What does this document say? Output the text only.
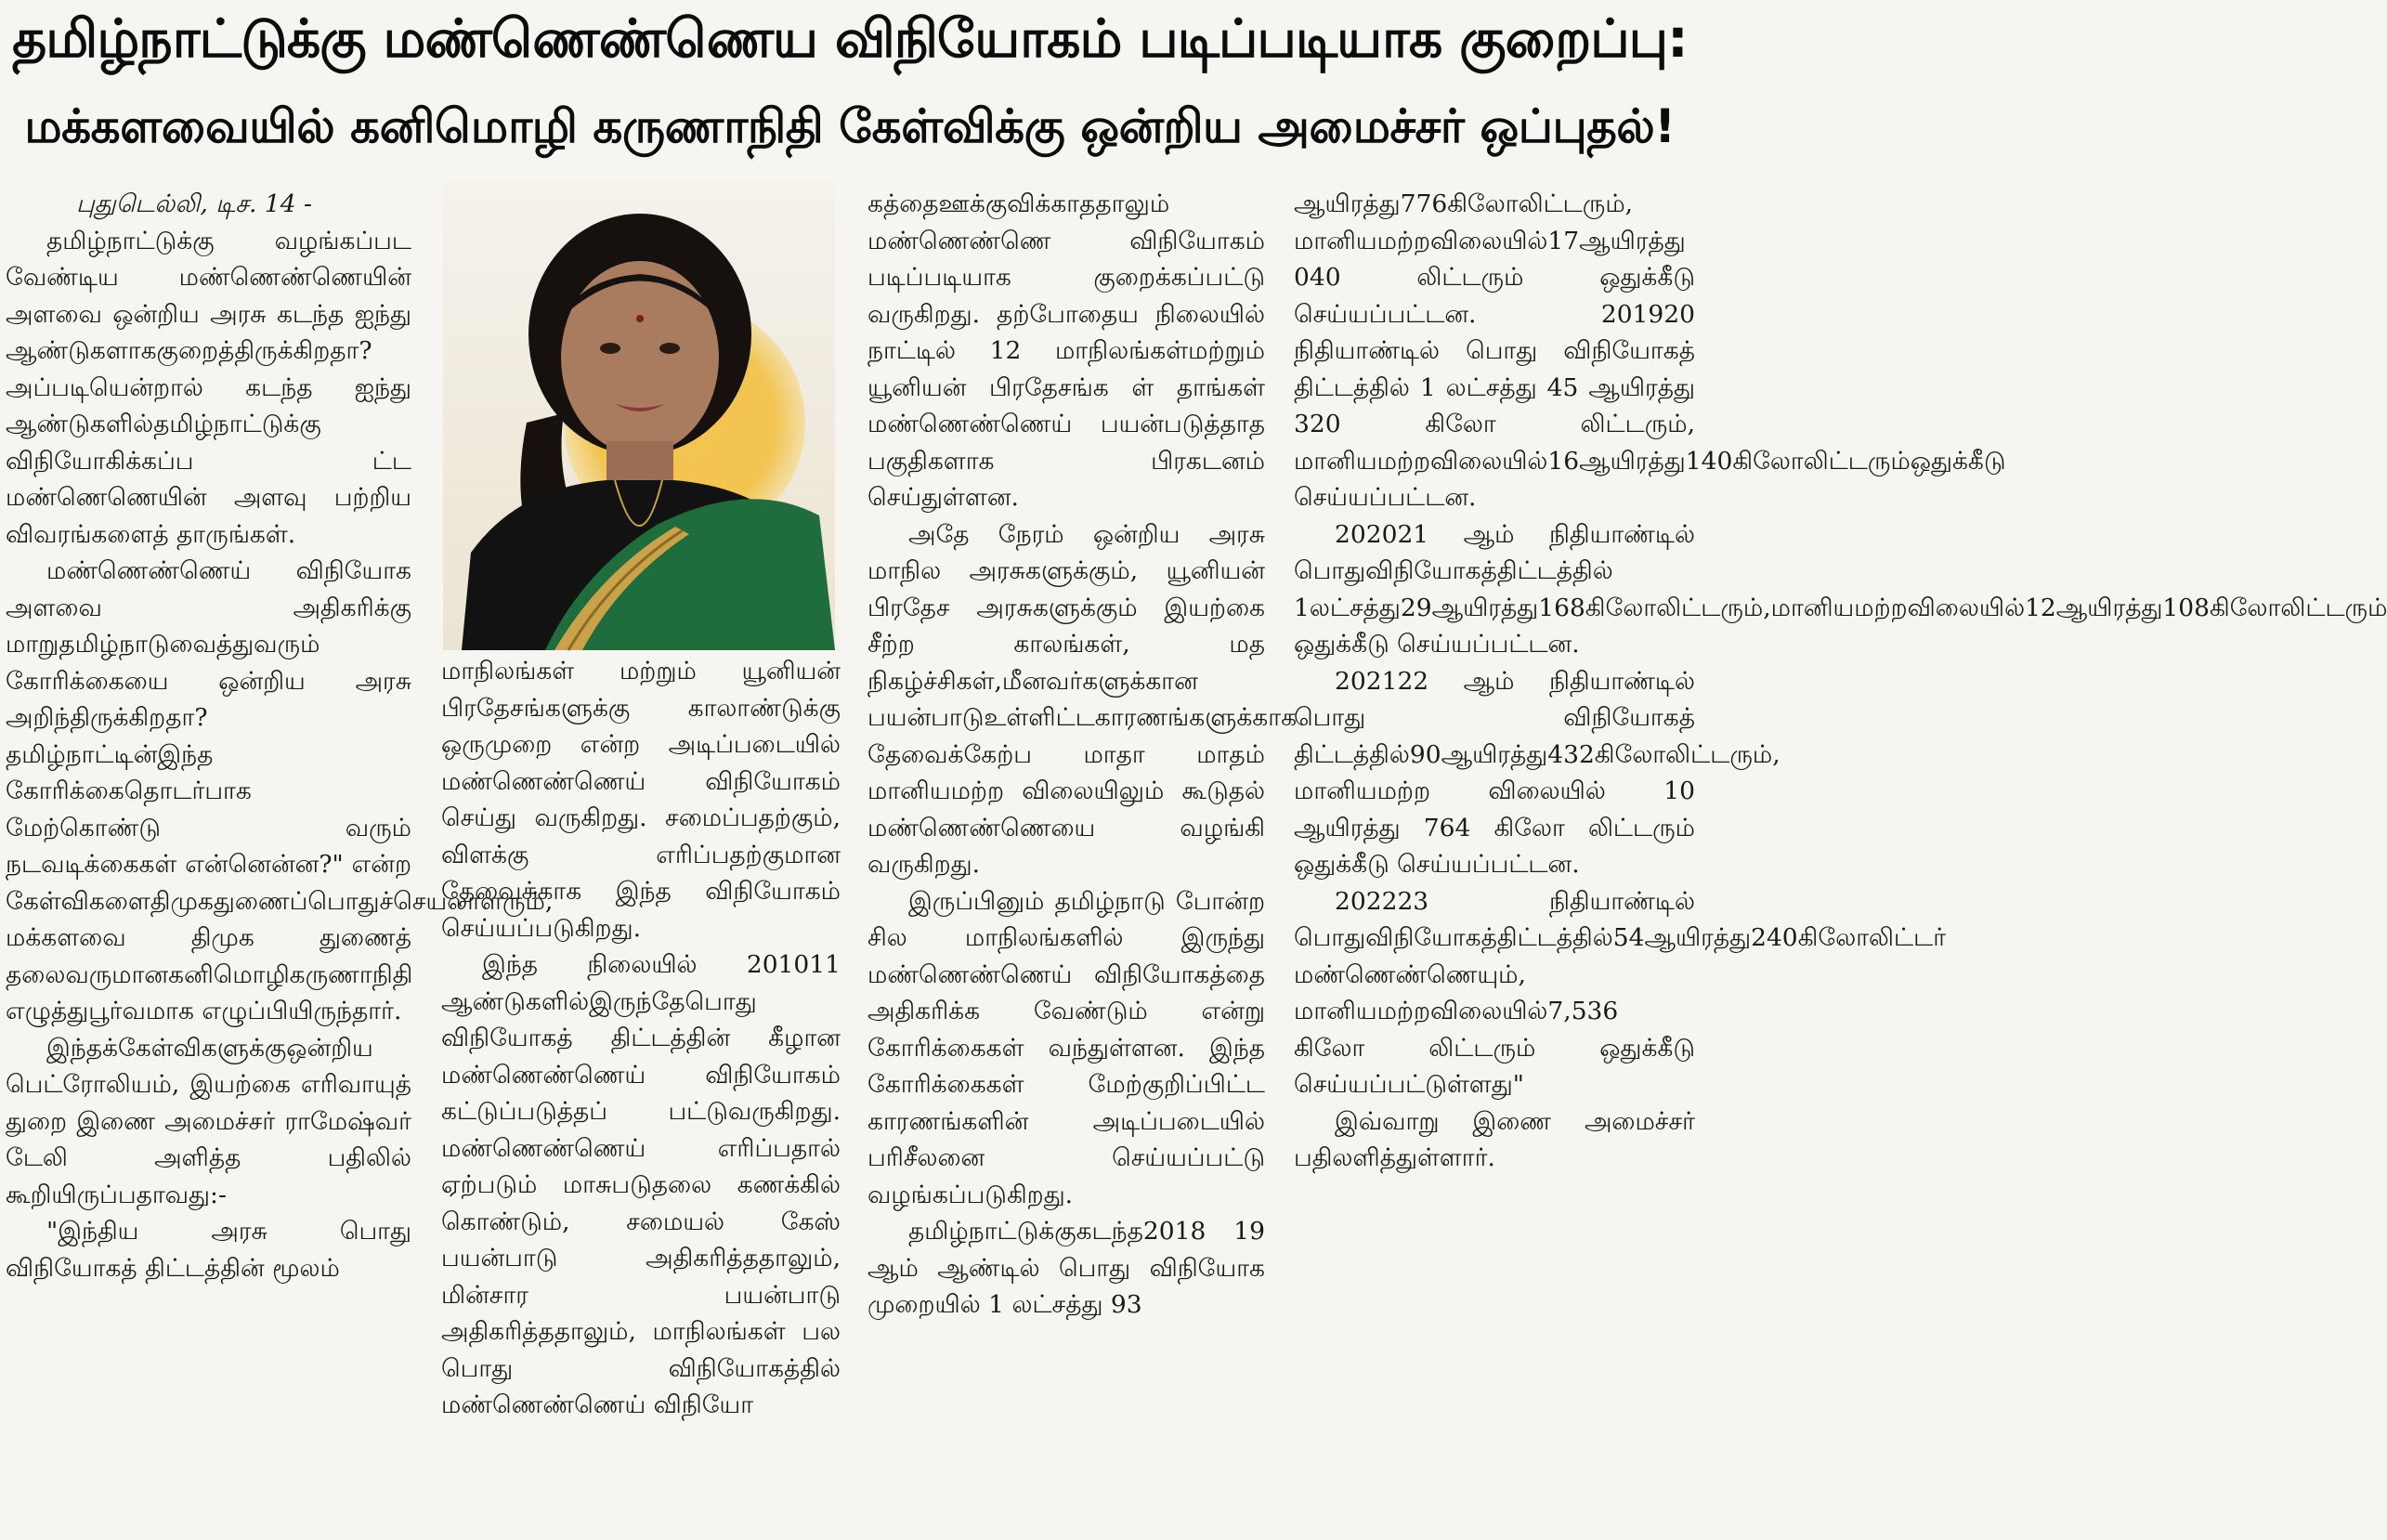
தமிழ்நாட்டுக்கு மண்ணெண்ணெய விநியோகம் படிப்படியாக குறைப்பு:
மக்களவையில் கனிமொழி கருணாநிதி கேள்விக்கு ஒன்றிய அமைச்சர் ஒப்புதல்!

புதுடெல்லி, டிச. 14 -

தமிழ்நாட்டுக்கு வழங்கப்பட வேண்டிய மண்ணெண்ணெயின் அளவை ஒன்றிய அரசு கடந்த ஐந்து ஆண்டுகளாககுறைத்திருக்கிறதா?அப்படியென்றால் கடந்த ஐந்து ஆண்டுகளில்தமிழ்நாட்டுக்கு விநியோகிக்கப்ப ட்ட மண்ணெணெயின் அளவு பற்றிய விவரங்களைத் தாருங்கள்.

மண்ணெண்ணெய் விநியோக அளவை அதிகரிக்கு மாறுதமிழ்நாடுவைத்துவரும் கோரிக்கையை ஒன்றிய அரசு அறிந்திருக்கிறதா?தமிழ்நாட்டின்இந்த கோரிக்கைதொடர்பாக மேற்கொண்டு வரும் நடவடிக்கைகள் என்னென்ன?" என்ற கேள்விகளைதிமுகதுணைப்பொதுச்செயலாளரும், மக்களவை திமுக துணைத் தலைவருமானகனிமொழிகருணாநிதி எழுத்துபூர்வமாக எழுப்பியிருந்தார்.

இந்தக்கேள்விகளுக்குஒன்றிய பெட்ரோலியம், இயற்கை எரிவாயுத் துறை இணை அமைச்சர் ராமேஷ்வர் டேலி அளித்த பதிலில் கூறியிருப்பதாவது:-

"இந்திய அரசு பொது விநியோகத் திட்டத்தின் மூலம்

மாநிலங்கள் மற்றும் யூனியன் பிரதேசங்களுக்கு காலாண்டுக்கு ஒருமுறை என்ற அடிப்படையில் மண்ணெண்ணெய் விநியோகம் செய்து வருகிறது. சமைப்பதற்கும், விளக்கு எரிப்பதற்குமான தேவைக்காக இந்த விநியோகம் செய்யப்படுகிறது.

இந்த நிலையில் 201011 ஆண்டுகளில்இருந்தேபொது விநியோகத் திட்டத்தின் கீழான மண்ணெண்ணெய் விநியோகம் கட்டுப்படுத்தப் பட்டுவருகிறது. மண்ணெண்ணெய் எரிப்பதால் ஏற்படும் மாசுபடுதலை கணக்கில் கொண்டும், சமையல் கேஸ் பயன்பாடு அதிகரித்ததாலும், மின்சார பயன்பாடு அதிகரித்ததாலும், மாநிலங்கள் பல பொது விநியோகத்தில் மண்ணெண்ணெய் விநியோ

கத்தைஊக்குவிக்காததாலும் மண்ணெண்ணெ விநியோகம் படிப்படியாக குறைக்கப்பட்டு வருகிறது. தற்போதைய நிலையில் நாட்டில் 12 மாநிலங்கள்மற்றும் யூனியன் பிரதேசங்க ள் தாங்கள் மண்ணெண்ணெய் பயன்படுத்தாத பகுதிகளாக பிரகடனம் செய்துள்ளன.

அதே நேரம் ஒன்றிய அரசு மாநில அரசுகளுக்கும், யூனியன் பிரதேச அரசுகளுக்கும் இயற்கை சீற்ற காலங்கள், மத நிகழ்ச்சிகள்,மீனவர்களுக்கான பயன்பாடுஉள்ளிட்டகாரணங்களுக்காக தேவைக்கேற்ப மாதா மாதம் மானியமற்ற விலையிலும் கூடுதல் மண்ணெண்ணெயை வழங்கி வருகிறது.

இருப்பினும் தமிழ்நாடு போன்ற சில மாநிலங்களில் இருந்து மண்ணெண்ணெய் விநியோகத்தை அதிகரிக்க வேண்டும் என்று கோரிக்கைகள் வந்துள்ளன. இந்த கோரிக்கைகள் மேற்குறிப்பிட்ட காரணங்களின் அடிப்படையில் பரிசீலனை செய்யப்பட்டு வழங்கப்படுகிறது.

தமிழ்நாட்டுக்குகடந்த2018 19 ஆம் ஆண்டில் பொது விநியோக முறையில் 1 லட்சத்து 93

ஆயிரத்து776கிலோலிட்டரும், மானியமற்றவிலையில்17ஆயிரத்து 040 லிட்டரும் ஒதுக்கீடு செய்யப்பட்டன. 201920 நிதியாண்டில் பொது விநியோகத் திட்டத்தில் 1 லட்சத்து 45 ஆயிரத்து 320 கிலோ லிட்டரும், மானியமற்றவிலையில்16ஆயிரத்து140கிலோலிட்டரும்ஒதுக்கீடு செய்யப்பட்டன.

202021 ஆம் நிதியாண்டில் பொதுவிநியோகத்திட்டத்தில் 1லட்சத்து29ஆயிரத்து168கிலோலிட்டரும்,மானியமற்றவிலையில்12ஆயிரத்து108கிலோலிட்டரும் ஒதுக்கீடு செய்யப்பட்டன.

202122 ஆம் நிதியாண்டில் பொது விநியோகத் திட்டத்தில்90ஆயிரத்து432கிலோலிட்டரும், மானியமற்ற விலையில் 10 ஆயிரத்து 764 கிலோ லிட்டரும் ஒதுக்கீடு செய்யப்பட்டன.

202223 நிதியாண்டில் பொதுவிநியோகத்திட்டத்தில்54ஆயிரத்து240கிலோலிட்டர் மண்ணெண்ணெயும், மானியமற்றவிலையில்7,536 கிலோ லிட்டரும் ஒதுக்கீடு செய்யப்பட்டுள்ளது"

இவ்வாறு இணை அமைச்சர் பதிலளித்துள்ளார்.
